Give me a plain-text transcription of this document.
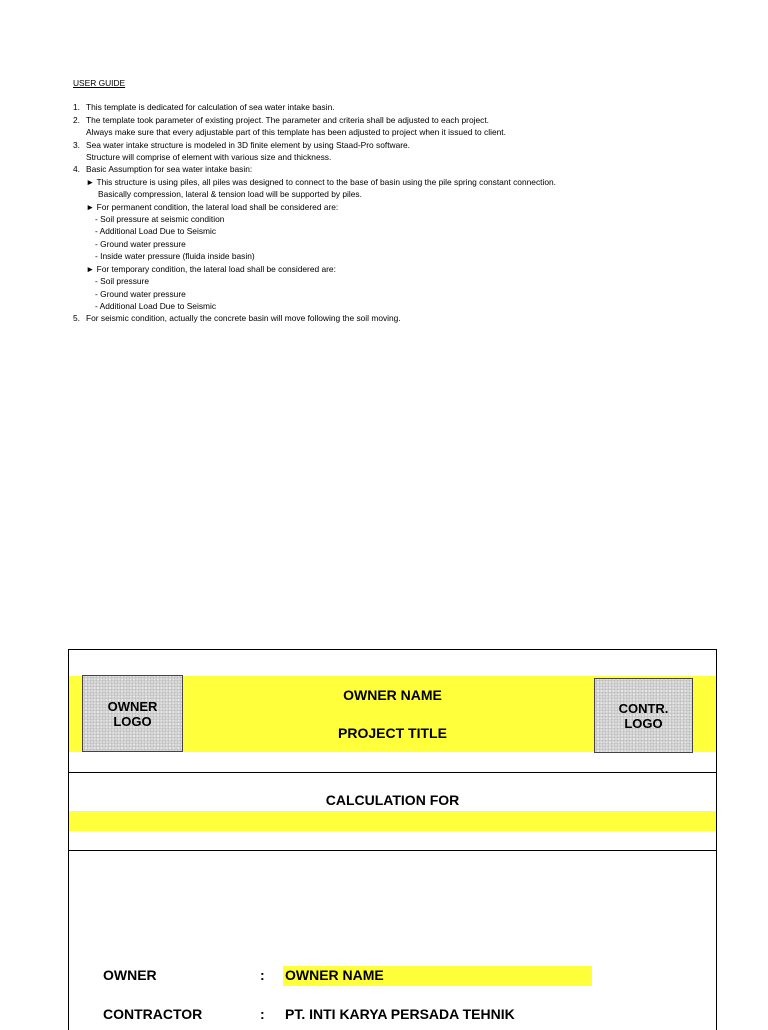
USER GUIDE
1. This template is dedicated for calculation of sea water intake basin.
2. The template took parameter of existing project. The parameter and criteria shall be adjusted to each project.
Always make sure that every adjustable part of this template has been adjusted to project when it issued to client.
3. Sea water intake structure is modeled in 3D finite element by using Staad-Pro software.
Structure will comprise of element with various size and thickness.
4. Basic Assumption for sea water intake basin:
► This structure is using piles, all piles was designed to connect to the base of basin using the pile spring constant connection.
Basically compression, lateral & tension load will be supported by piles.
► For permanent condition, the lateral load shall be considered are:
- Soil pressure at seismic condition
- Additional Load Due to Seismic
- Ground water pressure
- Inside water pressure (fluida inside basin)
► For temporary condition, the lateral load shall be considered are:
- Soil pressure
- Ground water pressure
- Additional Load Due to Seismic
5. For seismic condition, actually the concrete basin will move following the soil moving.
OWNER LOGO
CONTR. LOGO
OWNER NAME
PROJECT TITLE
CALCULATION FOR
OWNER	: OWNER NAME
CONTRACTOR	: PT. INTI KARYA PERSADA TEHNIK
